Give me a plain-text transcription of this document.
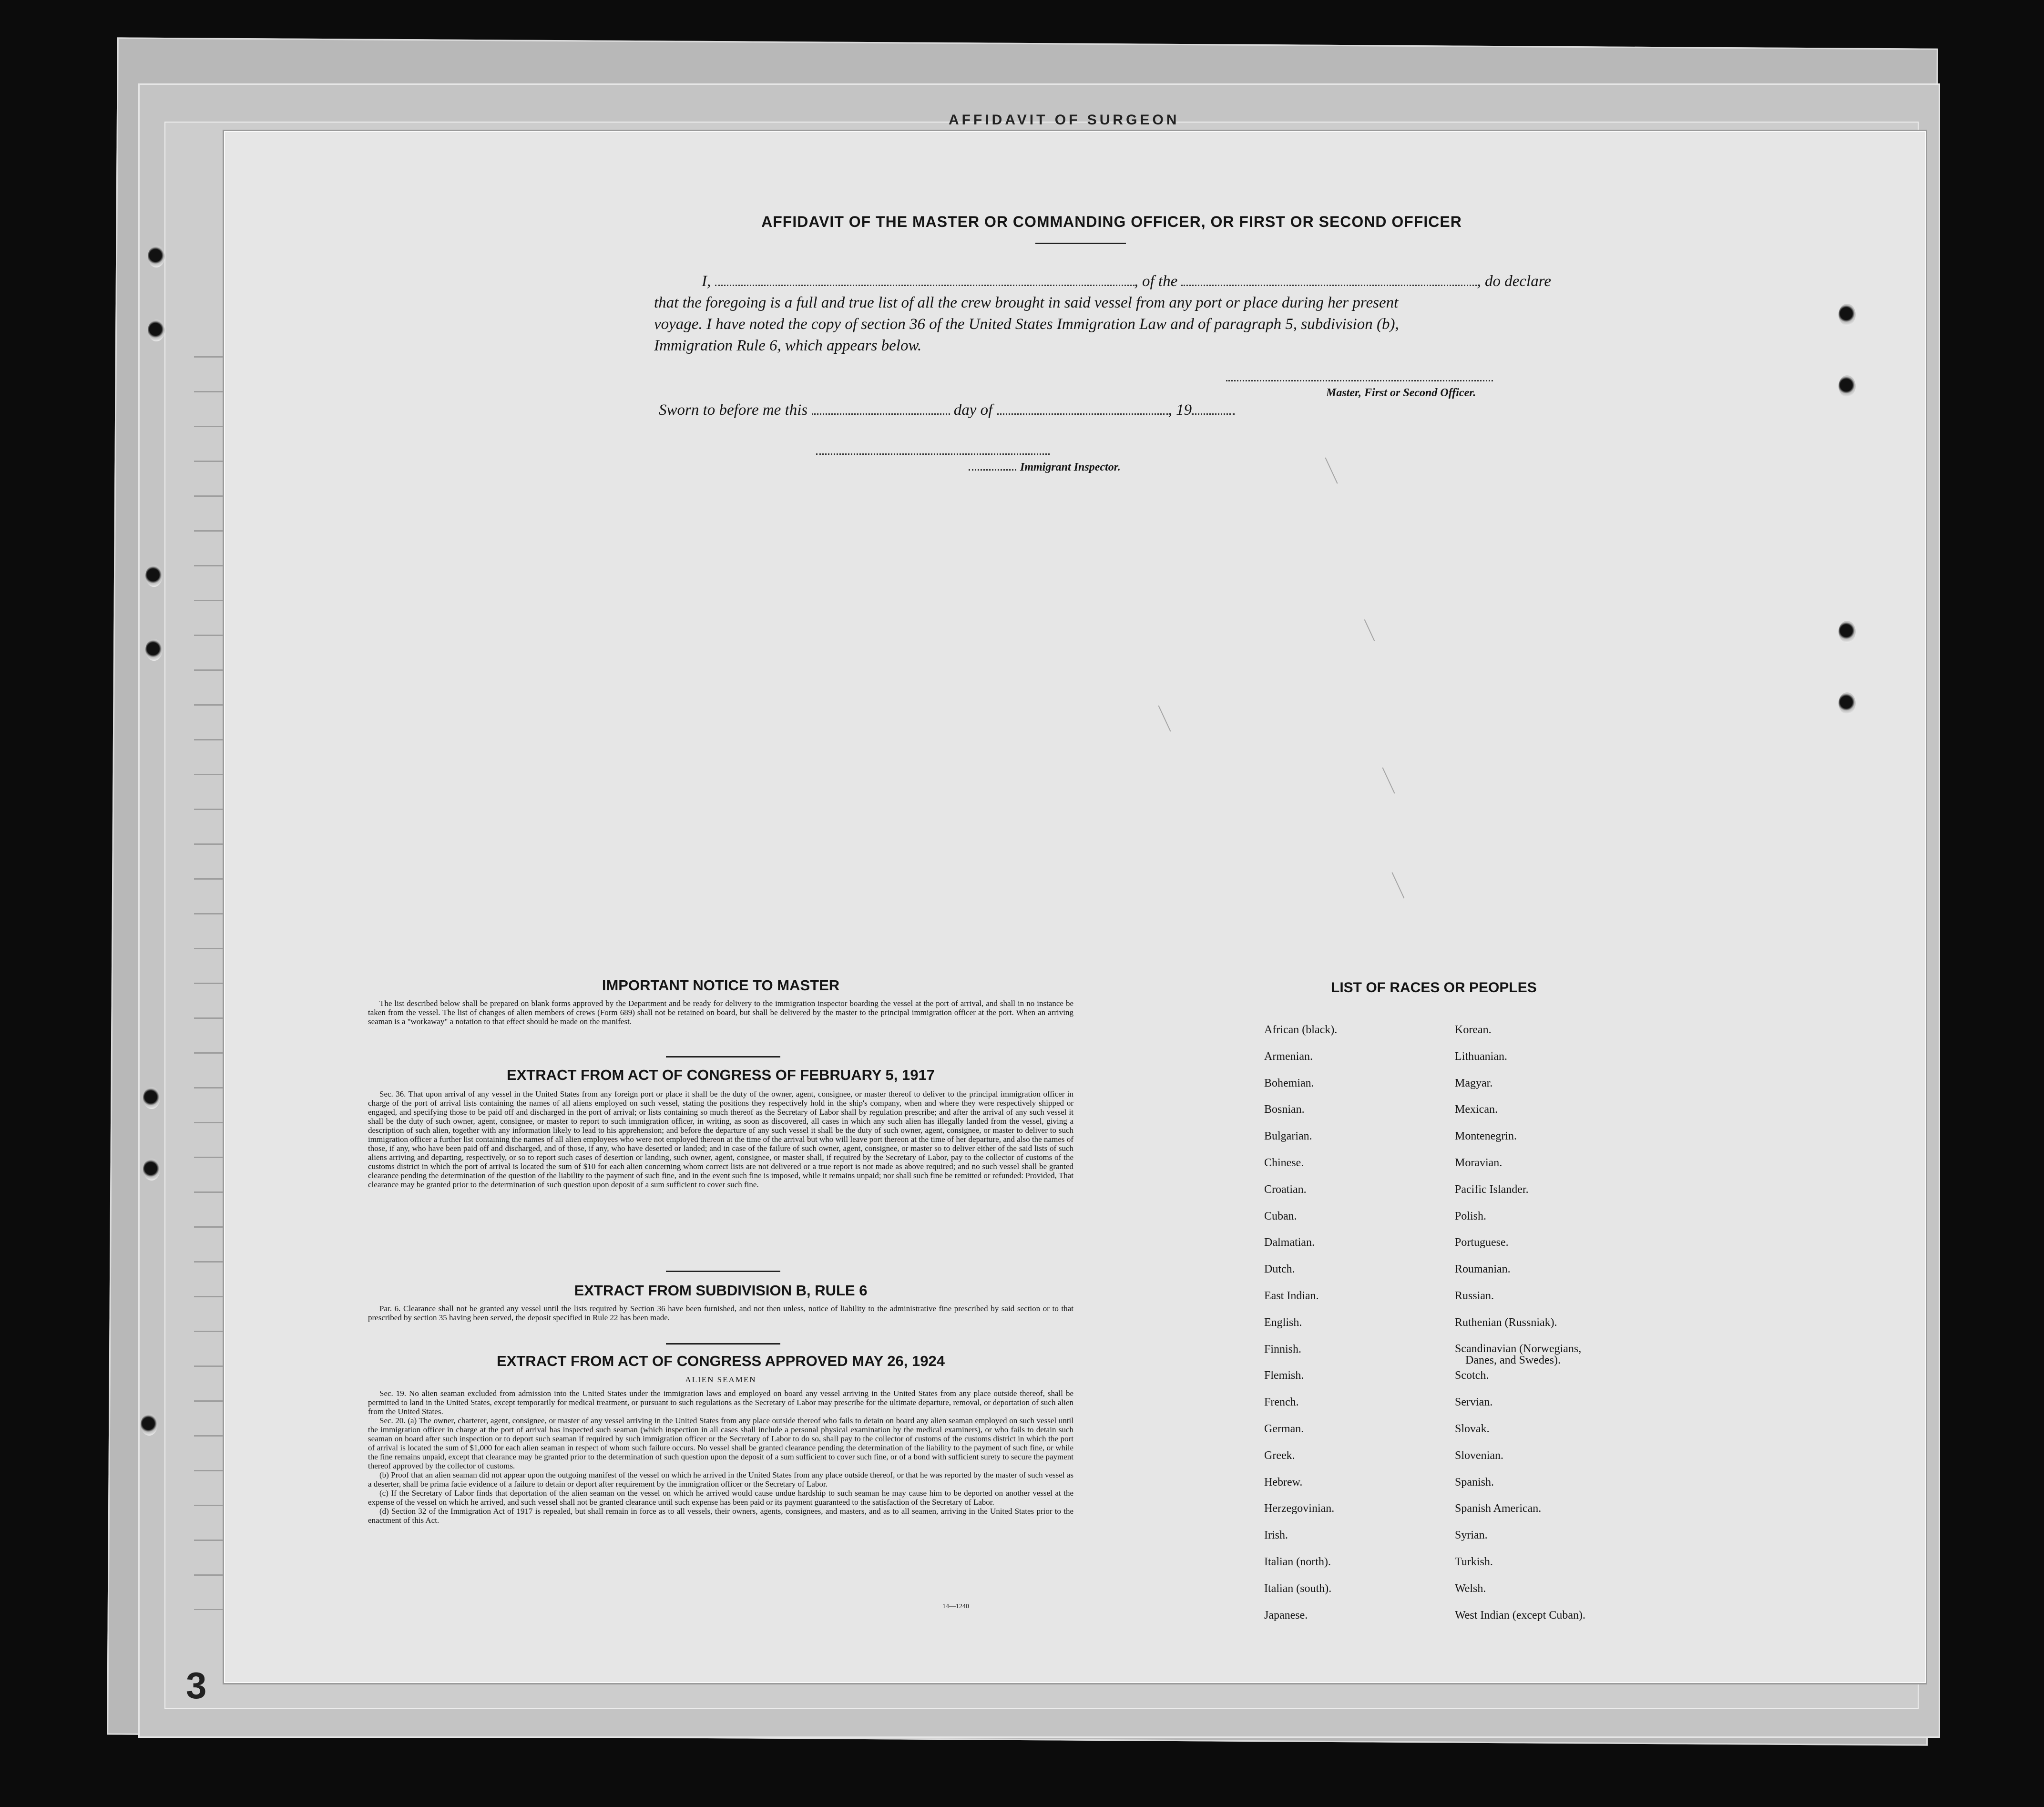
AFFIDAVIT OF SURGEON
3
AFFIDAVIT OF THE MASTER OR COMMANDING OFFICER, OR FIRST OR SECOND OFFICER
I,	, of the	, do declare
that the foregoing is a full and true list of all the crew brought in said vessel from any port or place during her present
voyage. I have noted the copy of section 36 of the United States Immigration Law and of paragraph 5, subdivision (b),
Immigration Rule 6, which appears below.
Master, First or Second Officer.
Sworn to before me this	day of	, 19
Immigrant Inspector.
IMPORTANT NOTICE TO MASTER

The list described below shall be prepared on blank forms approved by the Department and be ready for delivery to the immigration inspector boarding the vessel at the port of arrival, and shall in no instance be taken from the vessel. The list of changes of alien members of crews (Form 689) shall not be retained on board, but shall be delivered by the master to the principal immigration officer at the port. When an arriving seaman is a "workaway" a notation to that effect should be made on the manifest.

EXTRACT FROM ACT OF CONGRESS OF FEBRUARY 5, 1917

Sec. 36. That upon arrival of any vessel in the United States from any foreign port or place it shall be the duty of the owner, agent, consignee, or master thereof to deliver to the principal immigration officer in charge of the port of arrival lists containing the names of all aliens employed on such vessel, stating the positions they respectively hold in the ship's company, when and where they were respectively shipped or engaged, and specifying those to be paid off and discharged in the port of arrival; or lists containing so much thereof as the Secretary of Labor shall by regulation prescribe; and after the arrival of any such vessel it shall be the duty of such owner, agent, consignee, or master to report to such immigration officer, in writing, as soon as discovered, all cases in which any such alien has illegally landed from the vessel, giving a description of such alien, together with any information likely to lead to his apprehension; and before the departure of any such vessel it shall be the duty of such owner, agent, consignee, or master to deliver to such immigration officer a further list containing the names of all alien employees who were not employed thereon at the time of the arrival but who will leave port thereon at the time of her departure, and also the names of those, if any, who have been paid off and discharged, and of those, if any, who have deserted or landed; and in case of the failure of such owner, agent, consignee, or master so to deliver either of the said lists of such aliens arriving and departing, respectively, or so to report such cases of desertion or landing, such owner, agent, consignee, or master shall, if required by the Secretary of Labor, pay to the collector of customs of the customs district in which the port of arrival is located the sum of $10 for each alien concerning whom correct lists are not delivered or a true report is not made as above required; and no such vessel shall be granted clearance pending the determination of the question of the liability to the payment of such fine, and in the event such fine is imposed, while it remains unpaid; nor shall such fine be remitted or refunded: Provided, That clearance may be granted prior to the determination of such question upon deposit of a sum sufficient to cover such fine.

EXTRACT FROM SUBDIVISION B, RULE 6

Par. 6. Clearance shall not be granted any vessel until the lists required by Section 36 have been furnished, and not then unless, notice of liability to the administrative fine prescribed by said section or to that prescribed by section 35 having been served, the deposit specified in Rule 22 has been made.

EXTRACT FROM ACT OF CONGRESS APPROVED MAY 26, 1924
ALIEN SEAMEN

Sec. 19. No alien seaman excluded from admission into the United States under the immigration laws and employed on board any vessel arriving in the United States from any place outside thereof, shall be permitted to land in the United States, except temporarily for medical treatment, or pursuant to such regulations as the Secretary of Labor may prescribe for the ultimate departure, removal, or deportation of such alien from the United States.

Sec. 20. (a) The owner, charterer, agent, consignee, or master of any vessel arriving in the United States from any place outside thereof who fails to detain on board any alien seaman employed on such vessel until the immigration officer in charge at the port of arrival has inspected such seaman (which inspection in all cases shall include a personal physical examination by the medical examiners), or who fails to detain such seaman on board after such inspection or to deport such seaman if required by such immigration officer or the Secretary of Labor to do so, shall pay to the collector of customs of the customs district in which the port of arrival is located the sum of $1,000 for each alien seaman in respect of whom such failure occurs. No vessel shall be granted clearance pending the determination of the liability to the payment of such fine, or while the fine remains unpaid, except that clearance may be granted prior to the determination of such question upon the deposit of a sum sufficient to cover such fine, or of a bond with sufficient surety to secure the payment thereof approved by the collector of customs.

(b) Proof that an alien seaman did not appear upon the outgoing manifest of the vessel on which he arrived in the United States from any place outside thereof, or that he was reported by the master of such vessel as a deserter, shall be prima facie evidence of a failure to detain or deport after requirement by the immigration officer or the Secretary of Labor.

(c) If the Secretary of Labor finds that deportation of the alien seaman on the vessel on which he arrived would cause undue hardship to such seaman he may cause him to be deported on another vessel at the expense of the vessel on which he arrived, and such vessel shall not be granted clearance until such expense has been paid or its payment guaranteed to the satisfaction of the Secretary of Labor.

(d) Section 32 of the Immigration Act of 1917 is repealed, but shall remain in force as to all vessels, their owners, agents, consignees, and masters, and as to all seamen, arriving in the United States prior to the enactment of this Act.

14—1240
LIST OF RACES OR PEOPLES
African (black).
Armenian.
Bohemian.
Bosnian.
Bulgarian.
Chinese.
Croatian.
Cuban.
Dalmatian.
Dutch.
East Indian.
English.
Finnish.
Flemish.
French.
German.
Greek.
Hebrew.
Herzegovinian.
Irish.
Italian (north).
Italian (south).
Japanese.
Korean.
Lithuanian.
Magyar.
Mexican.
Montenegrin.
Moravian.
Pacific Islander.
Polish.
Portuguese.
Roumanian.
Russian.
Ruthenian (Russniak).
Scandinavian (Norwegians,
Danes, and Swedes).
Scotch.
Servian.
Slovak.
Slovenian.
Spanish.
Spanish American.
Syrian.
Turkish.
Welsh.
West Indian (except Cuban).
